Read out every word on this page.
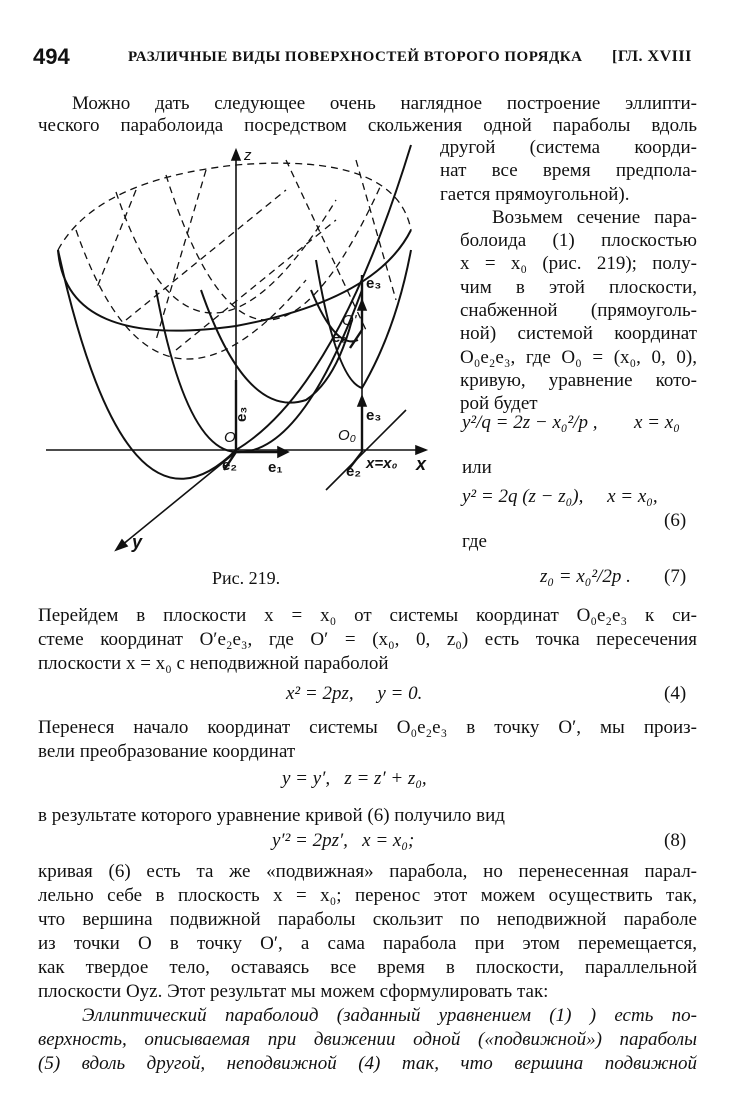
494	РАЗЛИЧНЫЕ ВИДЫ ПОВЕРХНОСТЕЙ ВТОРОГО ПОРЯДКА [ГЛ. XVIII
Можно дать следующее очень наглядное построение эллипти-
ческого параболоида посредством скольжения одной параболы вдоль
другой (система коорди-
нат все время предпола-
гается прямоугольной).
Возьмем сечение пара-
болоида (1) плоскостью
x = x₀ (рис. 219); полу-
чим в этой плоскости,
снабженной (прямоуголь-
ной) системой координат
O₀e₂e₃, где O₀ = (x₀, 0, 0),
кривую, уравнение кото-
рой будет
y²/q = 2z − x₀²/p , x = x₀
или
y² = 2q (z − z₀),     x = x₀,
(6)
где
z₀ = x₀²/2p . (7)
z
y
x
x=x₀
O₀
O
O'
e₁
e₂
e₃
e₂
e₃
e₂
e₃
Рис. 219.
Перейдем в плоскости x = x₀ от системы координат O₀e₂e₃ к си-
стеме координат O′e₂e₃, где O′ = (x₀, 0, z₀) есть точка пересечения
плоскости x = x₀ с неподвижной параболой
x² = 2pz,     y = 0.	(4)
Перенеся начало координат системы O₀e₂e₃ в точку O′, мы произ-
вели преобразование координат
y = y′,   z = z′ + z₀,
в результате которого уравнение кривой (6) получило вид
y′² = 2pz′,   x = x₀;	(8)
кривая (6) есть та же «подвижная» парабола, но перенесенная парал-
лельно себе в плоскость x = x₀; перенос этот можем осуществить так,
что вершина подвижной параболы скользит по неподвижной параболе
из точки O в точку O′, а сама парабола при этом перемещается,
как твердое тело, оставаясь все время в плоскости, параллельной
плоскости Oyz. Этот результат мы можем сформулировать так:
Эллиптический параболоид (заданный уравнением (1) ) есть по-
верхность, описываемая при движении одной («подвижной») параболы
(5) вдоль другой, неподвижной (4) так, что вершина подвижной
